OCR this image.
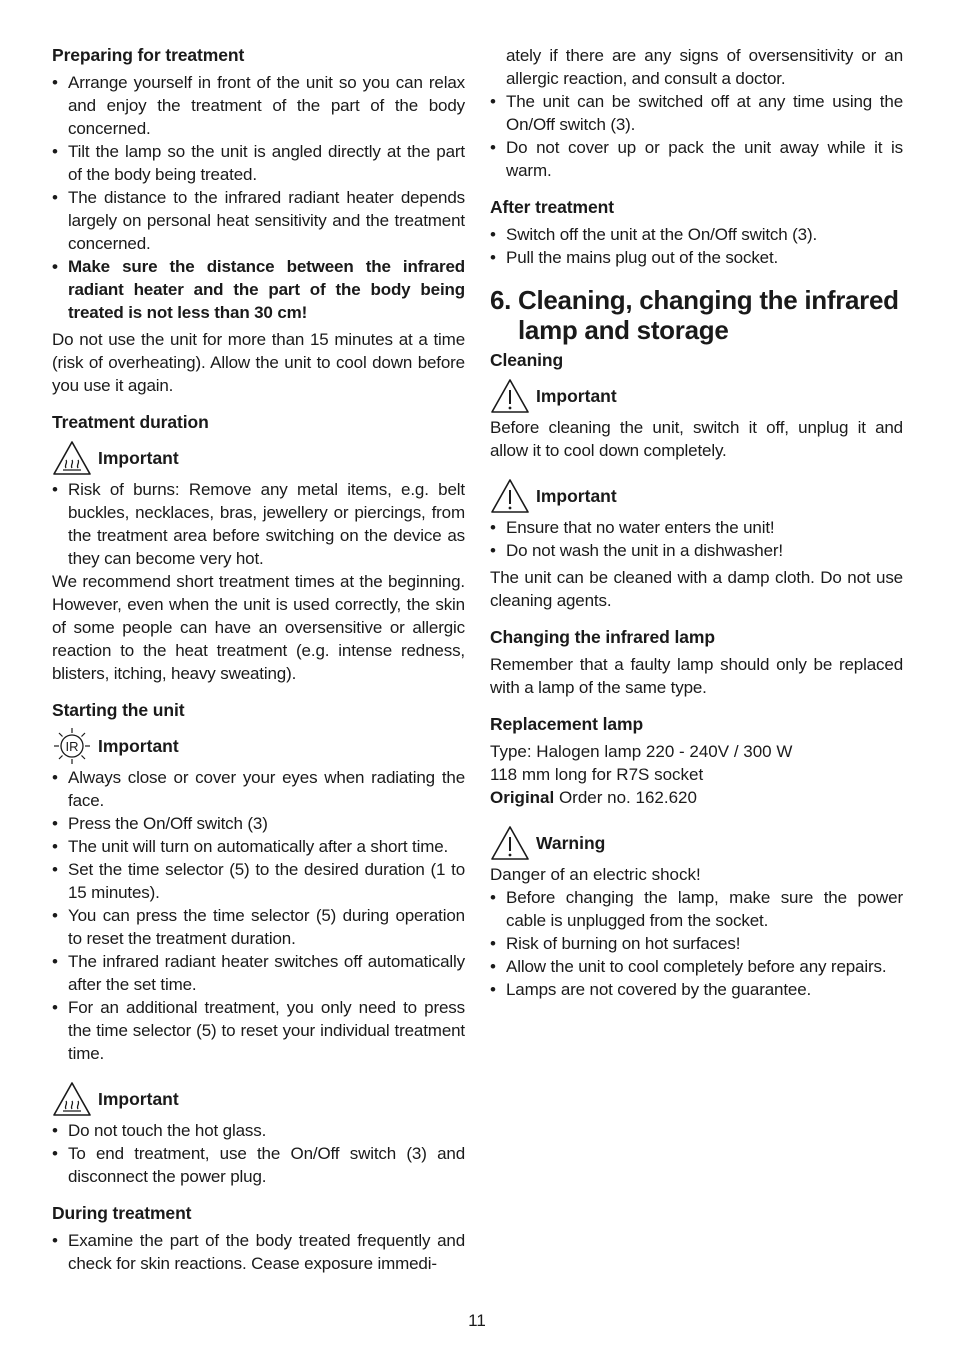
Preparing for treatment
• Arrange yourself in front of the unit so you can relax and enjoy the treatment of the part of the body concerned.
• Tilt the lamp so the unit is angled directly at the part of the body being treated.
• The distance to the infrared radiant heater depends largely on personal heat sensitivity and the treatment concerned.
• Make sure the distance between the infrared radiant heater and the part of the body being treated is not less than 30 cm!

Do not use the unit for more than 15 minutes at a time (risk of overheating). Allow the unit to cool down before you use it again.

Treatment duration
Important
• Risk of burns: Remove any metal items, e.g. belt buckles, necklaces, bras, jewellery or piercings, from the treatment area before switching on the device as they can become very hot.

We recommend short treatment times at the beginning. However, even when the unit is used correctly, the skin of some people can have an oversensitive or allergic reaction to the heat treatment (e.g. intense redness, blisters, itching, heavy sweating).

Starting the unit
IR Important
• Always close or cover your eyes when radiating the face.
• Press the On/Off switch (3)
• The unit will turn on automatically after a short time.
• Set the time selector (5) to the desired duration (1 to 15 minutes).
• You can press the time selector (5) during operation to reset the treatment duration.
• The infrared radiant heater switches off automatically after the set time.
• For an additional treatment, you only need to press the time selector (5) to reset your individual treatment time.
Important
• Do not touch the hot glass.
• To end treatment, use the On/Off switch (3) and disconnect the power plug.
During treatment
• Examine the part of the body treated frequently and check for skin reactions. Cease exposure immedi-

ately if there are any signs of oversensitivity or an allergic reaction, and consult a doctor.

• The unit can be switched off at any time using the On/Off switch (3).
• Do not cover up or pack the unit away while it is warm.
After treatment
• Switch off the unit at the On/Off switch (3).
• Pull the mains plug out of the socket.
6. Cleaning, changing the infrared
lamp and storage
Cleaning
Important

Before cleaning the unit, switch it off, unplug it and allow it to cool down completely.

Important
• Ensure that no water enters the unit!
• Do not wash the unit in a dishwasher!

The unit can be cleaned with a damp cloth. Do not use cleaning agents.

Changing the infrared lamp

Remember that a faulty lamp should only be replaced with a lamp of the same type.

Replacement lamp
Type: Halogen lamp 220 - 240V / 300 W
118 mm long for R7S socket
Original Order no. 162.620
Warning
Danger of an electric shock!
• Before changing the lamp, make sure the power cable is unplugged from the socket.
• Risk of burning on hot surfaces!
• Allow the unit to cool completely before any repairs.
• Lamps are not covered by the guarantee.
11
